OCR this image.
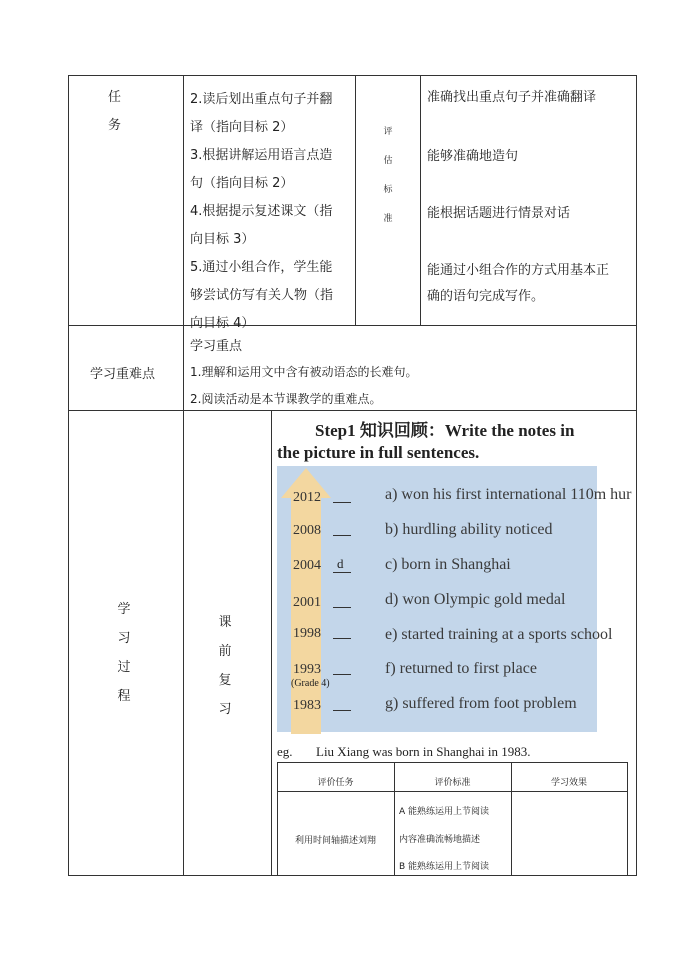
任
务
2.读后划出重点句子并翻
译（指向目标 2）
3.根据讲解运用语言点造
句（指向目标 2）
4.根据提示复述课文（指
向目标 3）
5.通过小组合作，学生能
够尝试仿写有关人物（指
向目标 4）
评
估
标
准
准确找出重点句子并准确翻译
能够准确地造句
能根据话题进行情景对话
能通过小组合作的方式用基本正
确的语句完成写作。
学习重难点
学习重点
1.理解和运用文中含有被动语态的长难句。
2.阅读活动是本节课教学的重难点。
学
习
过
程
课
前
复
习
Step1 知识回顾：Write the notes in
the picture in full sentences.
2012
2008
2004
2001
1998
1993
(Grade 4)
1983
d
a) won his first international 110m hur
b) hurdling ability noticed
c) born in Shanghai
d) won Olympic gold medal
e) started training at a sports school
f) returned to first place
g) suffered from foot problem
eg. Liu Xiang was born in Shanghai in 1983.
评价任务	评价标准	学习效果
利用时间轴描述刘翔
A 能熟练运用上节阅读
内容准确流畅地描述
B 能熟练运用上节阅读
